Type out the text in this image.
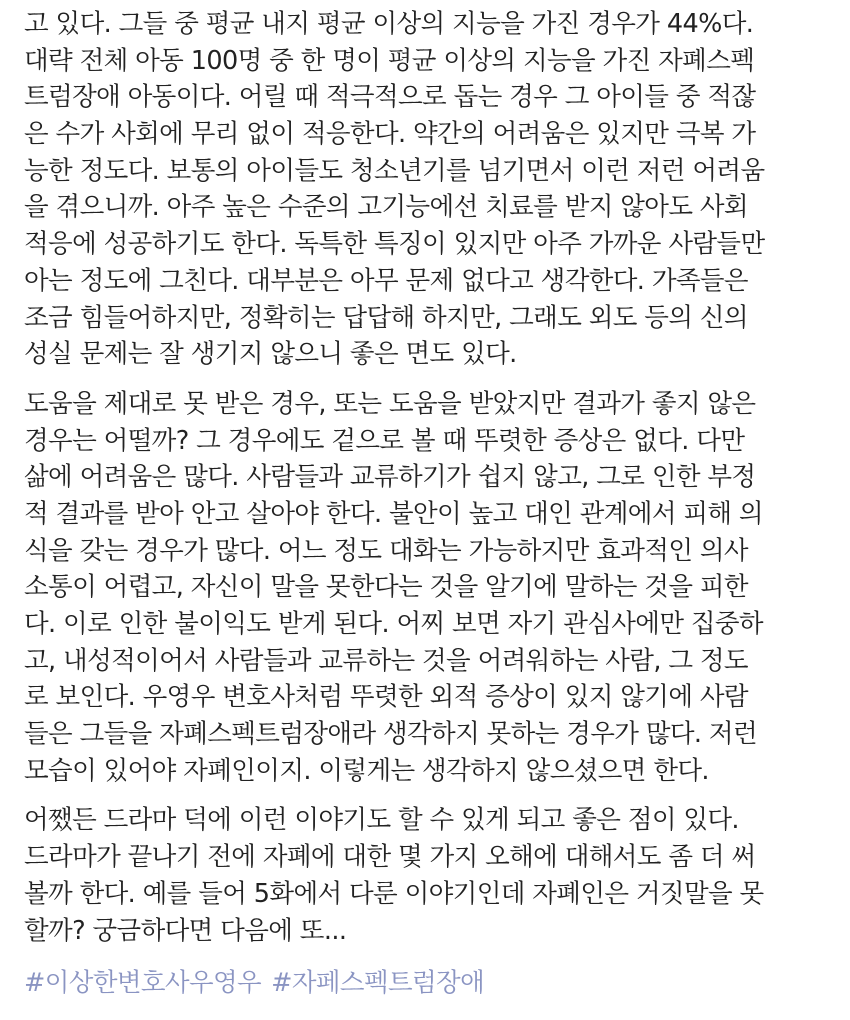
고 있다. 그들 중 평균 내지 평균 이상의 지능을 가진 경우가 44%다.
대략 전체 아동 100명 중 한 명이 평균 이상의 지능을 가진 자폐스펙
트럼장애 아동이다. 어릴 때 적극적으로 돕는 경우 그 아이들 중 적잖
은 수가 사회에 무리 없이 적응한다. 약간의 어려움은 있지만 극복 가
능한 정도다. 보통의 아이들도 청소년기를 넘기면서 이런 저런 어려움
을 겪으니까. 아주 높은 수준의 고기능에선 치료를 받지 않아도 사회
적응에 성공하기도 한다. 독특한 특징이 있지만 아주 가까운 사람들만
아는 정도에 그친다. 대부분은 아무 문제 없다고 생각한다. 가족들은
조금 힘들어하지만, 정확히는 답답해 하지만, 그래도 외도 등의 신의
성실 문제는 잘 생기지 않으니 좋은 면도 있다.

도움을 제대로 못 받은 경우, 또는 도움을 받았지만 결과가 좋지 않은
경우는 어떨까? 그 경우에도 겉으로 볼 때 뚜렷한 증상은 없다. 다만
삶에 어려움은 많다. 사람들과 교류하기가 쉽지 않고, 그로 인한 부정
적 결과를 받아 안고 살아야 한다. 불안이 높고 대인 관계에서 피해 의
식을 갖는 경우가 많다. 어느 정도 대화는 가능하지만 효과적인 의사
소통이 어렵고, 자신이 말을 못한다는 것을 알기에 말하는 것을 피한
다. 이로 인한 불이익도 받게 된다. 어찌 보면 자기 관심사에만 집중하
고, 내성적이어서 사람들과 교류하는 것을 어려워하는 사람, 그 정도
로 보인다. 우영우 변호사처럼 뚜렷한 외적 증상이 있지 않기에 사람
들은 그들을 자폐스펙트럼장애라 생각하지 못하는 경우가 많다. 저런
모습이 있어야 자폐인이지. 이렇게는 생각하지 않으셨으면 한다.

어쨌든 드라마 덕에 이런 이야기도 할 수 있게 되고 좋은 점이 있다.
드라마가 끝나기 전에 자폐에 대한 몇 가지 오해에 대해서도 좀 더 써
볼까 한다. 예를 들어 5화에서 다룬 이야기인데 자폐인은 거짓말을 못
할까? 궁금하다면 다음에 또...

#이상한변호사우영우 #자페스펙트럼장애
